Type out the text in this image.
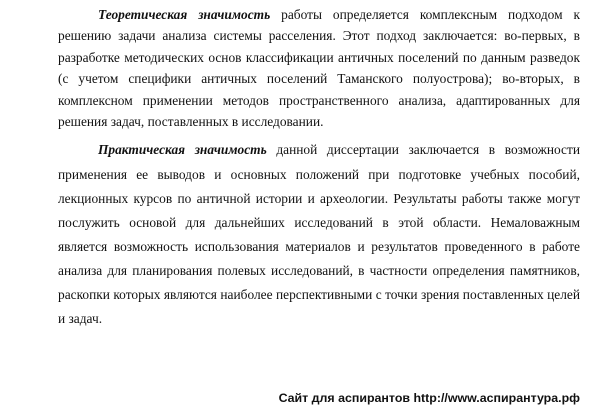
Теоретическая значимость работы определяется комплексным подходом к решению задачи анализа системы расселения. Этот подход заключается: во-первых, в разработке методических основ классификации античных поселений по данным разведок (с учетом специфики античных поселений Таманского полуострова); во-вторых, в комплексном применении методов пространственного анализа, адаптированных для решения задач, поставленных в исследовании.

Практическая значимость данной диссертации заключается в возможности применения ее выводов и основных положений при подготовке учебных пособий, лекционных курсов по античной истории и археологии. Результаты работы также могут послужить основой для дальнейших исследований в этой области. Немаловажным является возможность использования материалов и результатов проведенного в работе анализа для планирования полевых исследований, в частности определения памятников, раскопки которых являются наиболее перспективными с точки зрения поставленных целей и задач.

Сайт для аспирантов http://www.аспирантура.рф
